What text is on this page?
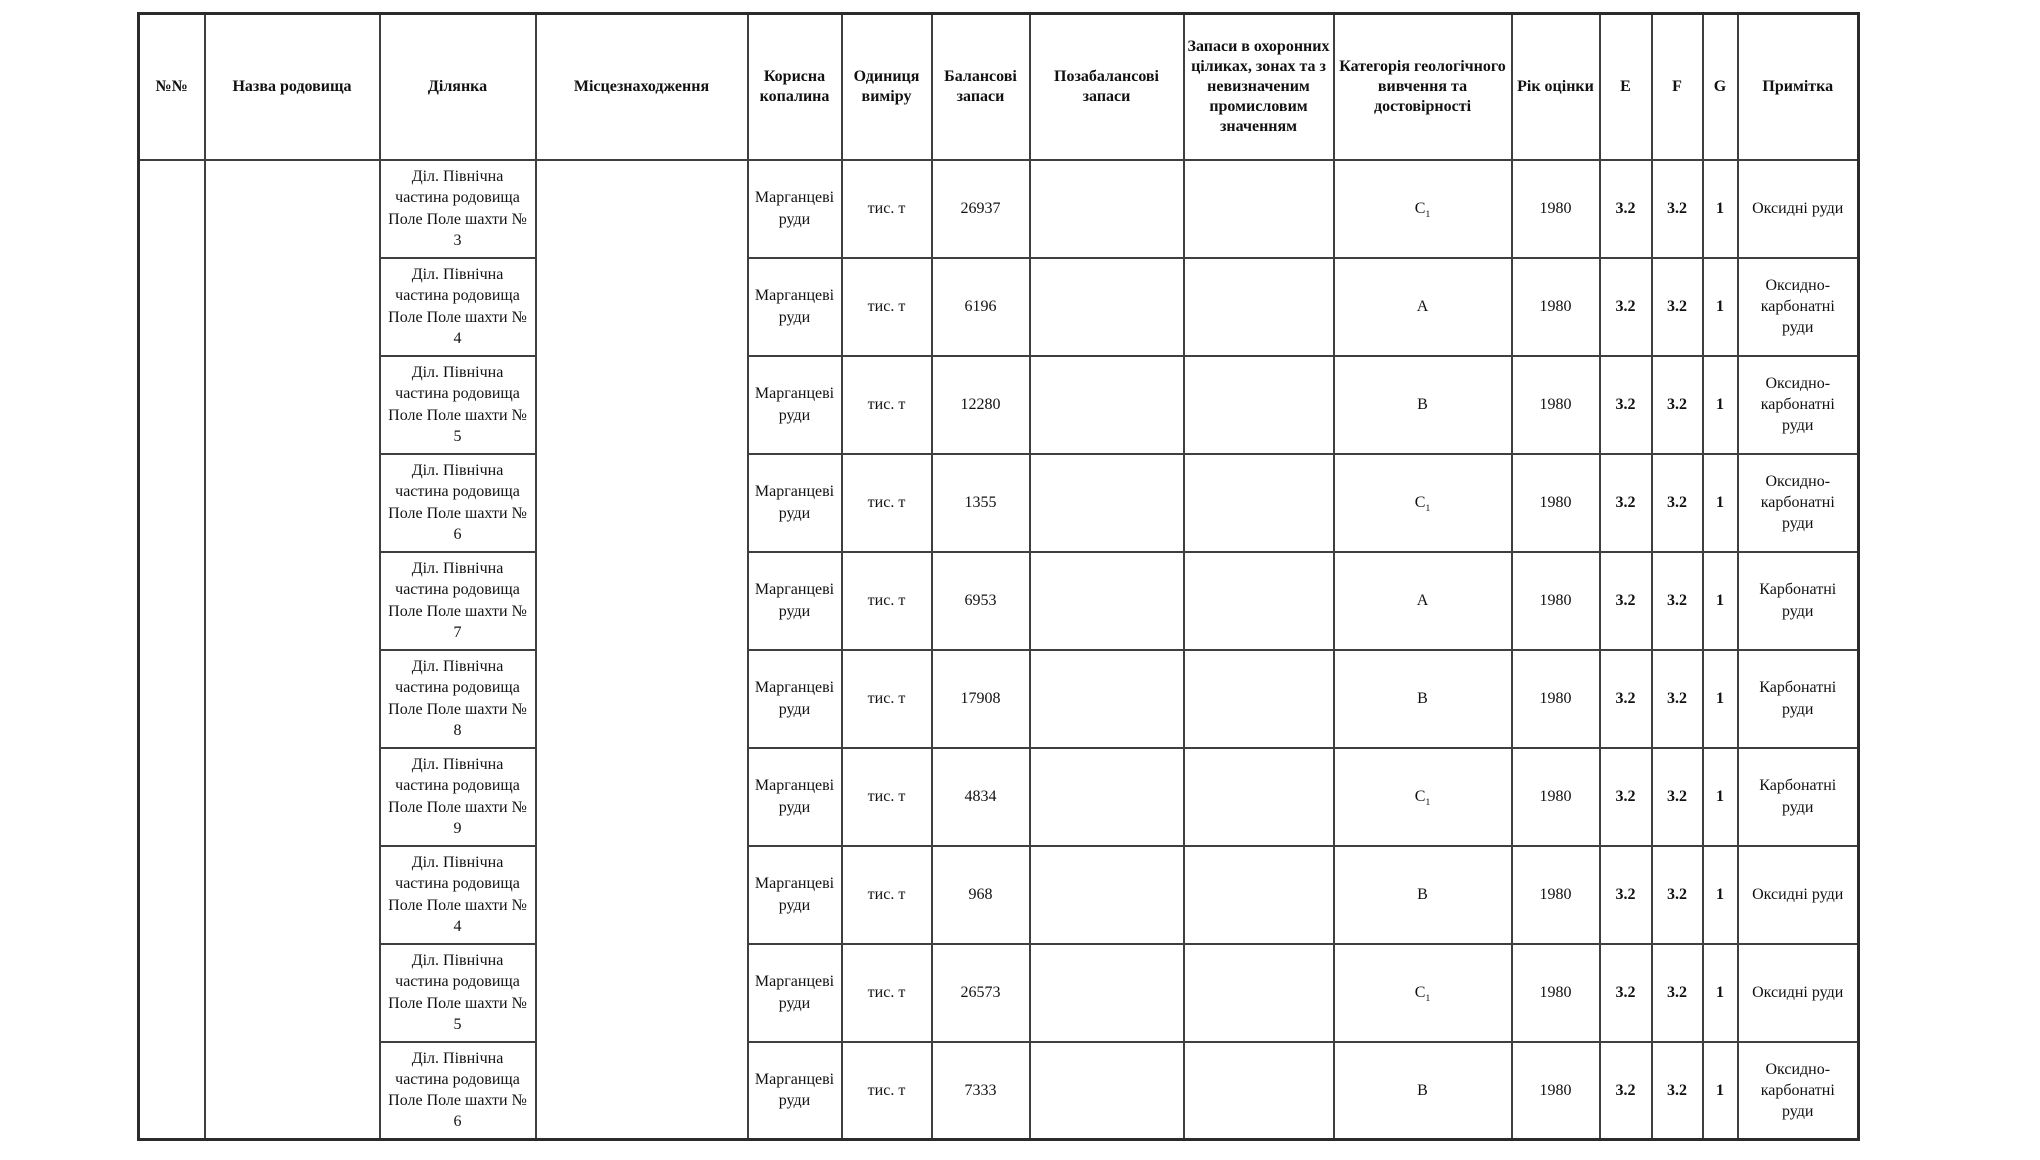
№№	Назва родовища	Ділянка	Місцезнаходження	Корисна копалина	Одиниця виміру	Балансові запаси	Позабалансові запаси	Запаси в охоронних ціликах, зонах та з невизначеним промисловим значенням	Категорія геологічного вивчення та достовірності	Рік оцінки	E	F	G	Примітка
		Діл. Північна частина родовища Поле Поле шахти № 3		Марганцеві руди	тис. т	26937			$С_1$	1980	3.2	3.2	1	Оксидні руди
		Діл. Північна частина родовища Поле Поле шахти № 4		Марганцеві руди	тис. т	6196			А	1980	3.2	3.2	1	Оксидно-карбонатні руди
		Діл. Північна частина родовища Поле Поле шахти № 5		Марганцеві руди	тис. т	12280			В	1980	3.2	3.2	1	Оксидно-карбонатні руди
		Діл. Північна частина родовища Поле Поле шахти № 6		Марганцеві руди	тис. т	1355			$С_1$	1980	3.2	3.2	1	Оксидно-карбонатні руди
		Діл. Північна частина родовища Поле Поле шахти № 7		Марганцеві руди	тис. т	6953			А	1980	3.2	3.2	1	Карбонатні руди
		Діл. Північна частина родовища Поле Поле шахти № 8		Марганцеві руди	тис. т	17908			В	1980	3.2	3.2	1	Карбонатні руди
		Діл. Північна частина родовища Поле Поле шахти № 9		Марганцеві руди	тис. т	4834			$С_1$	1980	3.2	3.2	1	Карбонатні руди
		Діл. Північна частина родовища Поле Поле шахти № 4		Марганцеві руди	тис. т	968			В	1980	3.2	3.2	1	Оксидні руди
		Діл. Північна частина родовища Поле Поле шахти № 5		Марганцеві руди	тис. т	26573			$С_1$	1980	3.2	3.2	1	Оксидні руди
		Діл. Північна частина родовища Поле Поле шахти № 6		Марганцеві руди	тис. т	7333			В	1980	3.2	3.2	1	Оксидно-карбонатні руди
